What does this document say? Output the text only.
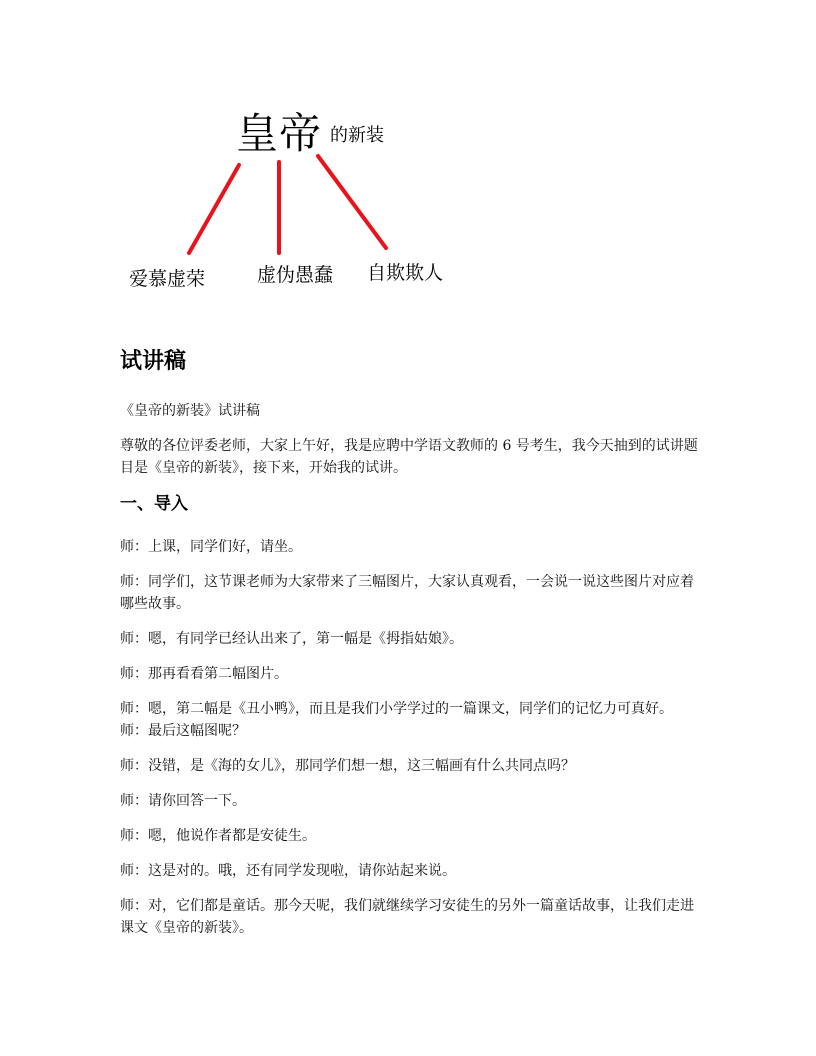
皇帝 的新装
爱慕虚荣	虚伪愚蠢 自欺欺人
试讲稿

《皇帝的新装》试讲稿

尊敬的各位评委老师，大家上午好，我是应聘中学语文教师的 6 号考生，我今天抽到的试讲题目是《皇帝的新装》，接下来，开始我的试讲。

一、导入

师：上课，同学们好，请坐。

师：同学们，这节课老师为大家带来了三幅图片，大家认真观看，一会说一说这些图片对应着哪些故事。

师：嗯，有同学已经认出来了，第一幅是《拇指姑娘》。

师：那再看看第二幅图片。

师：嗯，第二幅是《丑小鸭》，而且是我们小学学过的一篇课文，同学们的记忆力可真好。师：最后这幅图呢？

师：没错，是《海的女儿》，那同学们想一想，这三幅画有什么共同点吗？

师：请你回答一下。

师：嗯，他说作者都是安徒生。

师：这是对的。哦，还有同学发现啦，请你站起来说。

师：对，它们都是童话。那今天呢，我们就继续学习安徒生的另外一篇童话故事，让我们走进课文《皇帝的新装》。
